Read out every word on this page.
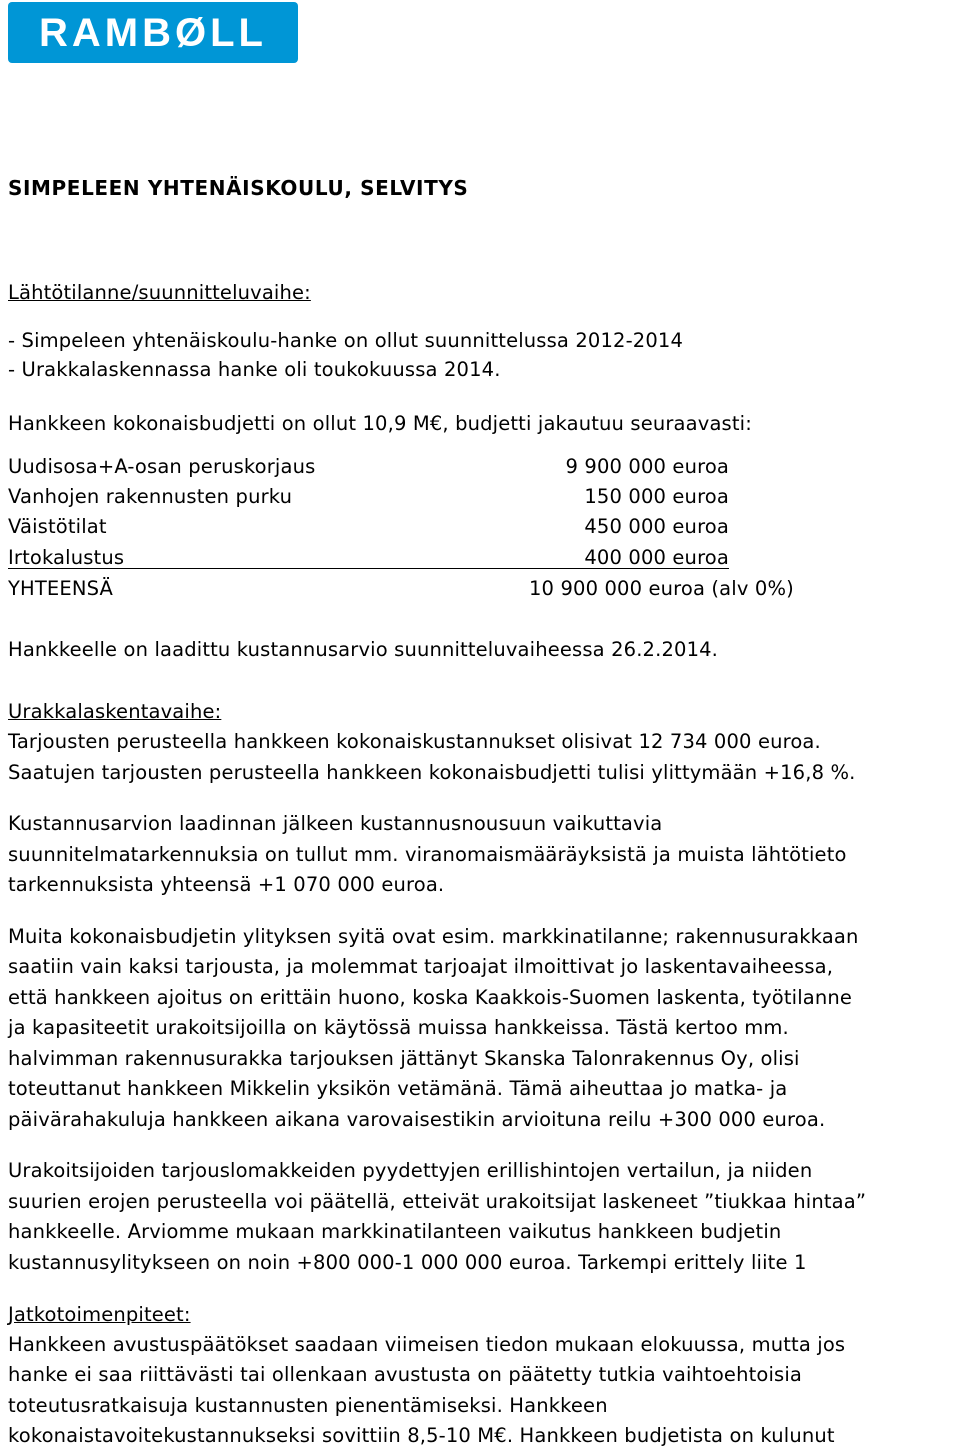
RAMBØLL
SIMPELEEN YHTENÄISKOULU, SELVITYS
Lähtötilanne/suunnitteluvaihe:
- Simpeleen yhtenäiskoulu-hanke on ollut suunnittelussa 2012-2014
- Urakkalaskennassa hanke oli toukokuussa 2014.
Hankkeen kokonaisbudjetti on ollut 10,9 M€, budjetti jakautuu seuraavasti:
Uudisosa+A-osan peruskorjaus	9 900 000 euroa
Vanhojen rakennusten purku	150 000 euroa
Väistötilat	450 000 euroa
Irtokalustus	400 000 euroa
YHTEENSÄ	10 900 000 euroa (alv 0%)
Hankkeelle on laadittu kustannusarvio suunnitteluvaiheessa 26.2.2014.
Urakkalaskentavaihe:
Tarjousten perusteella hankkeen kokonaiskustannukset olisivat 12 734 000 euroa.
Saatujen tarjousten perusteella hankkeen kokonaisbudjetti tulisi ylittymään +16,8 %.
Kustannusarvion laadinnan jälkeen kustannusnousuun vaikuttavia
suunnitelmatarkennuksia on tullut mm. viranomaismääräyksistä ja muista lähtötieto
tarkennuksista yhteensä +1 070 000 euroa.
Muita kokonaisbudjetin ylityksen syitä ovat esim. markkinatilanne; rakennusurakkaan
saatiin vain kaksi tarjousta, ja molemmat tarjoajat ilmoittivat jo laskentavaiheessa,
että hankkeen ajoitus on erittäin huono, koska Kaakkois-Suomen laskenta, työtilanne
ja kapasiteetit urakoitsijoilla on käytössä muissa hankkeissa. Tästä kertoo mm.
halvimman rakennusurakka tarjouksen jättänyt Skanska Talonrakennus Oy, olisi
toteuttanut hankkeen Mikkelin yksikön vetämänä. Tämä aiheuttaa jo matka- ja
päivärahakuluja hankkeen aikana varovaisestikin arvioituna reilu +300 000 euroa.
Urakoitsijoiden tarjouslomakkeiden pyydettyjen erillishintojen vertailun, ja niiden
suurien erojen perusteella voi päätellä, etteivät urakoitsijat laskeneet ”tiukkaa hintaa”
hankkeelle. Arviomme mukaan markkinatilanteen vaikutus hankkeen budjetin
kustannusylitykseen on noin +800 000-1 000 000 euroa. Tarkempi erittely liite 1
Jatkotoimenpiteet:
Hankkeen avustuspäätökset saadaan viimeisen tiedon mukaan elokuussa, mutta jos
hanke ei saa riittävästi tai ollenkaan avustusta on päätetty tutkia vaihtoehtoisia
toteutusratkaisuja kustannusten pienentämiseksi. Hankkeen
kokonaistavoitekustannukseksi sovittiin 8,5-10 M€. Hankkeen budjetista on kulunut
